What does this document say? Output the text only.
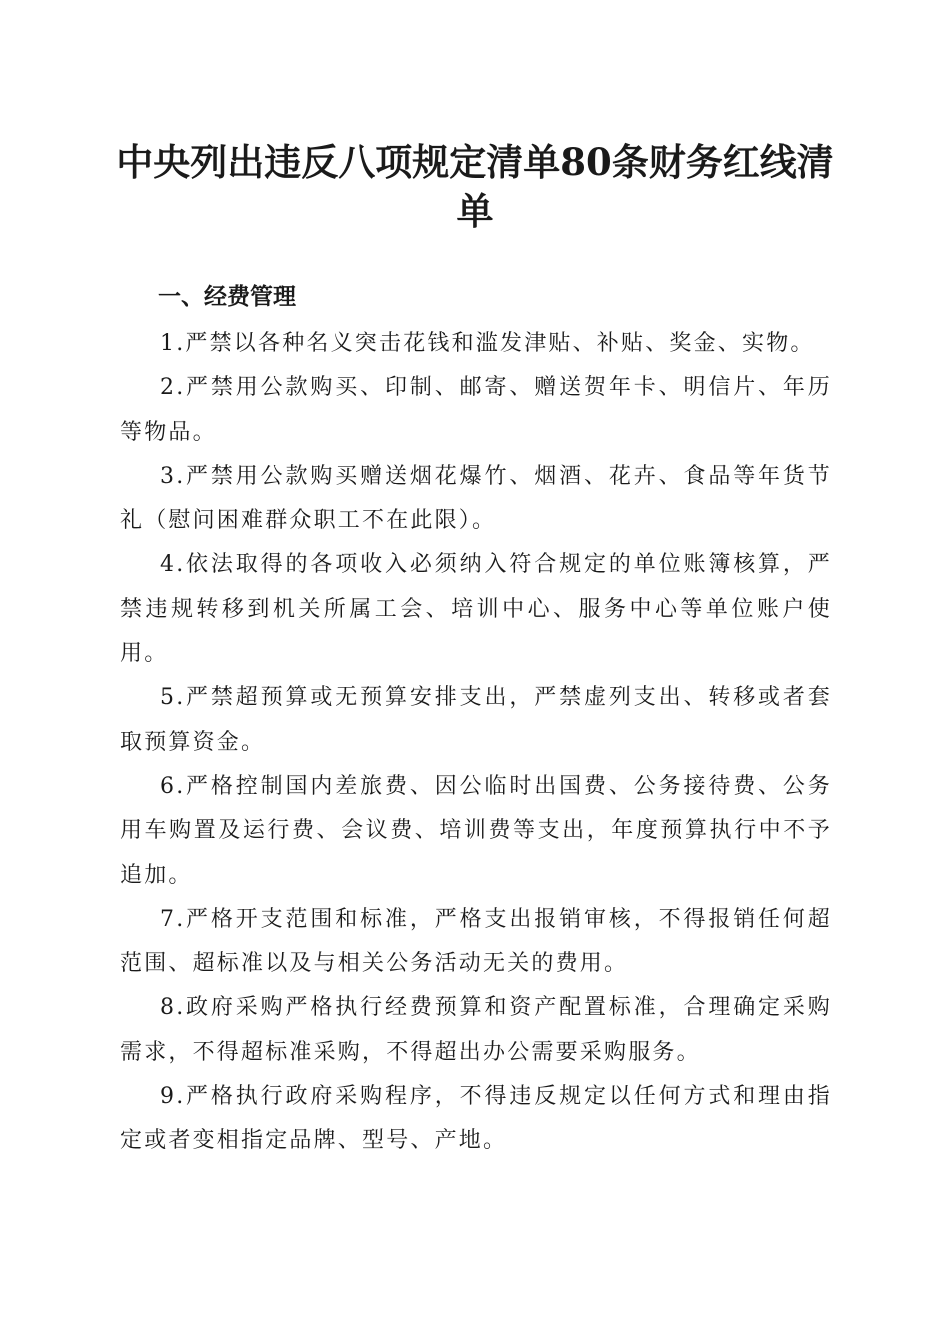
中央列出违反八项规定清单80条财务红线清单
一、经费管理

1.严禁以各种名义突击花钱和滥发津贴、补贴、奖金、实物。

2.严禁用公款购买、印制、邮寄、赠送贺年卡、明信片、年历等物品。

3.严禁用公款购买赠送烟花爆竹、烟酒、花卉、食品等年货节礼（慰问困难群众职工不在此限）。

4.依法取得的各项收入必须纳入符合规定的单位账簿核算，严禁违规转移到机关所属工会、培训中心、服务中心等单位账户使用。

5.严禁超预算或无预算安排支出，严禁虚列支出、转移或者套取预算资金。

6.严格控制国内差旅费、因公临时出国费、公务接待费、公务用车购置及运行费、会议费、培训费等支出，年度预算执行中不予追加。

7.严格开支范围和标准，严格支出报销审核，不得报销任何超范围、超标准以及与相关公务活动无关的费用。

8.政府采购严格执行经费预算和资产配置标准，合理确定采购需求，不得超标准采购，不得超出办公需要采购服务。

9.严格执行政府采购程序，不得违反规定以任何方式和理由指定或者变相指定品牌、型号、产地。
